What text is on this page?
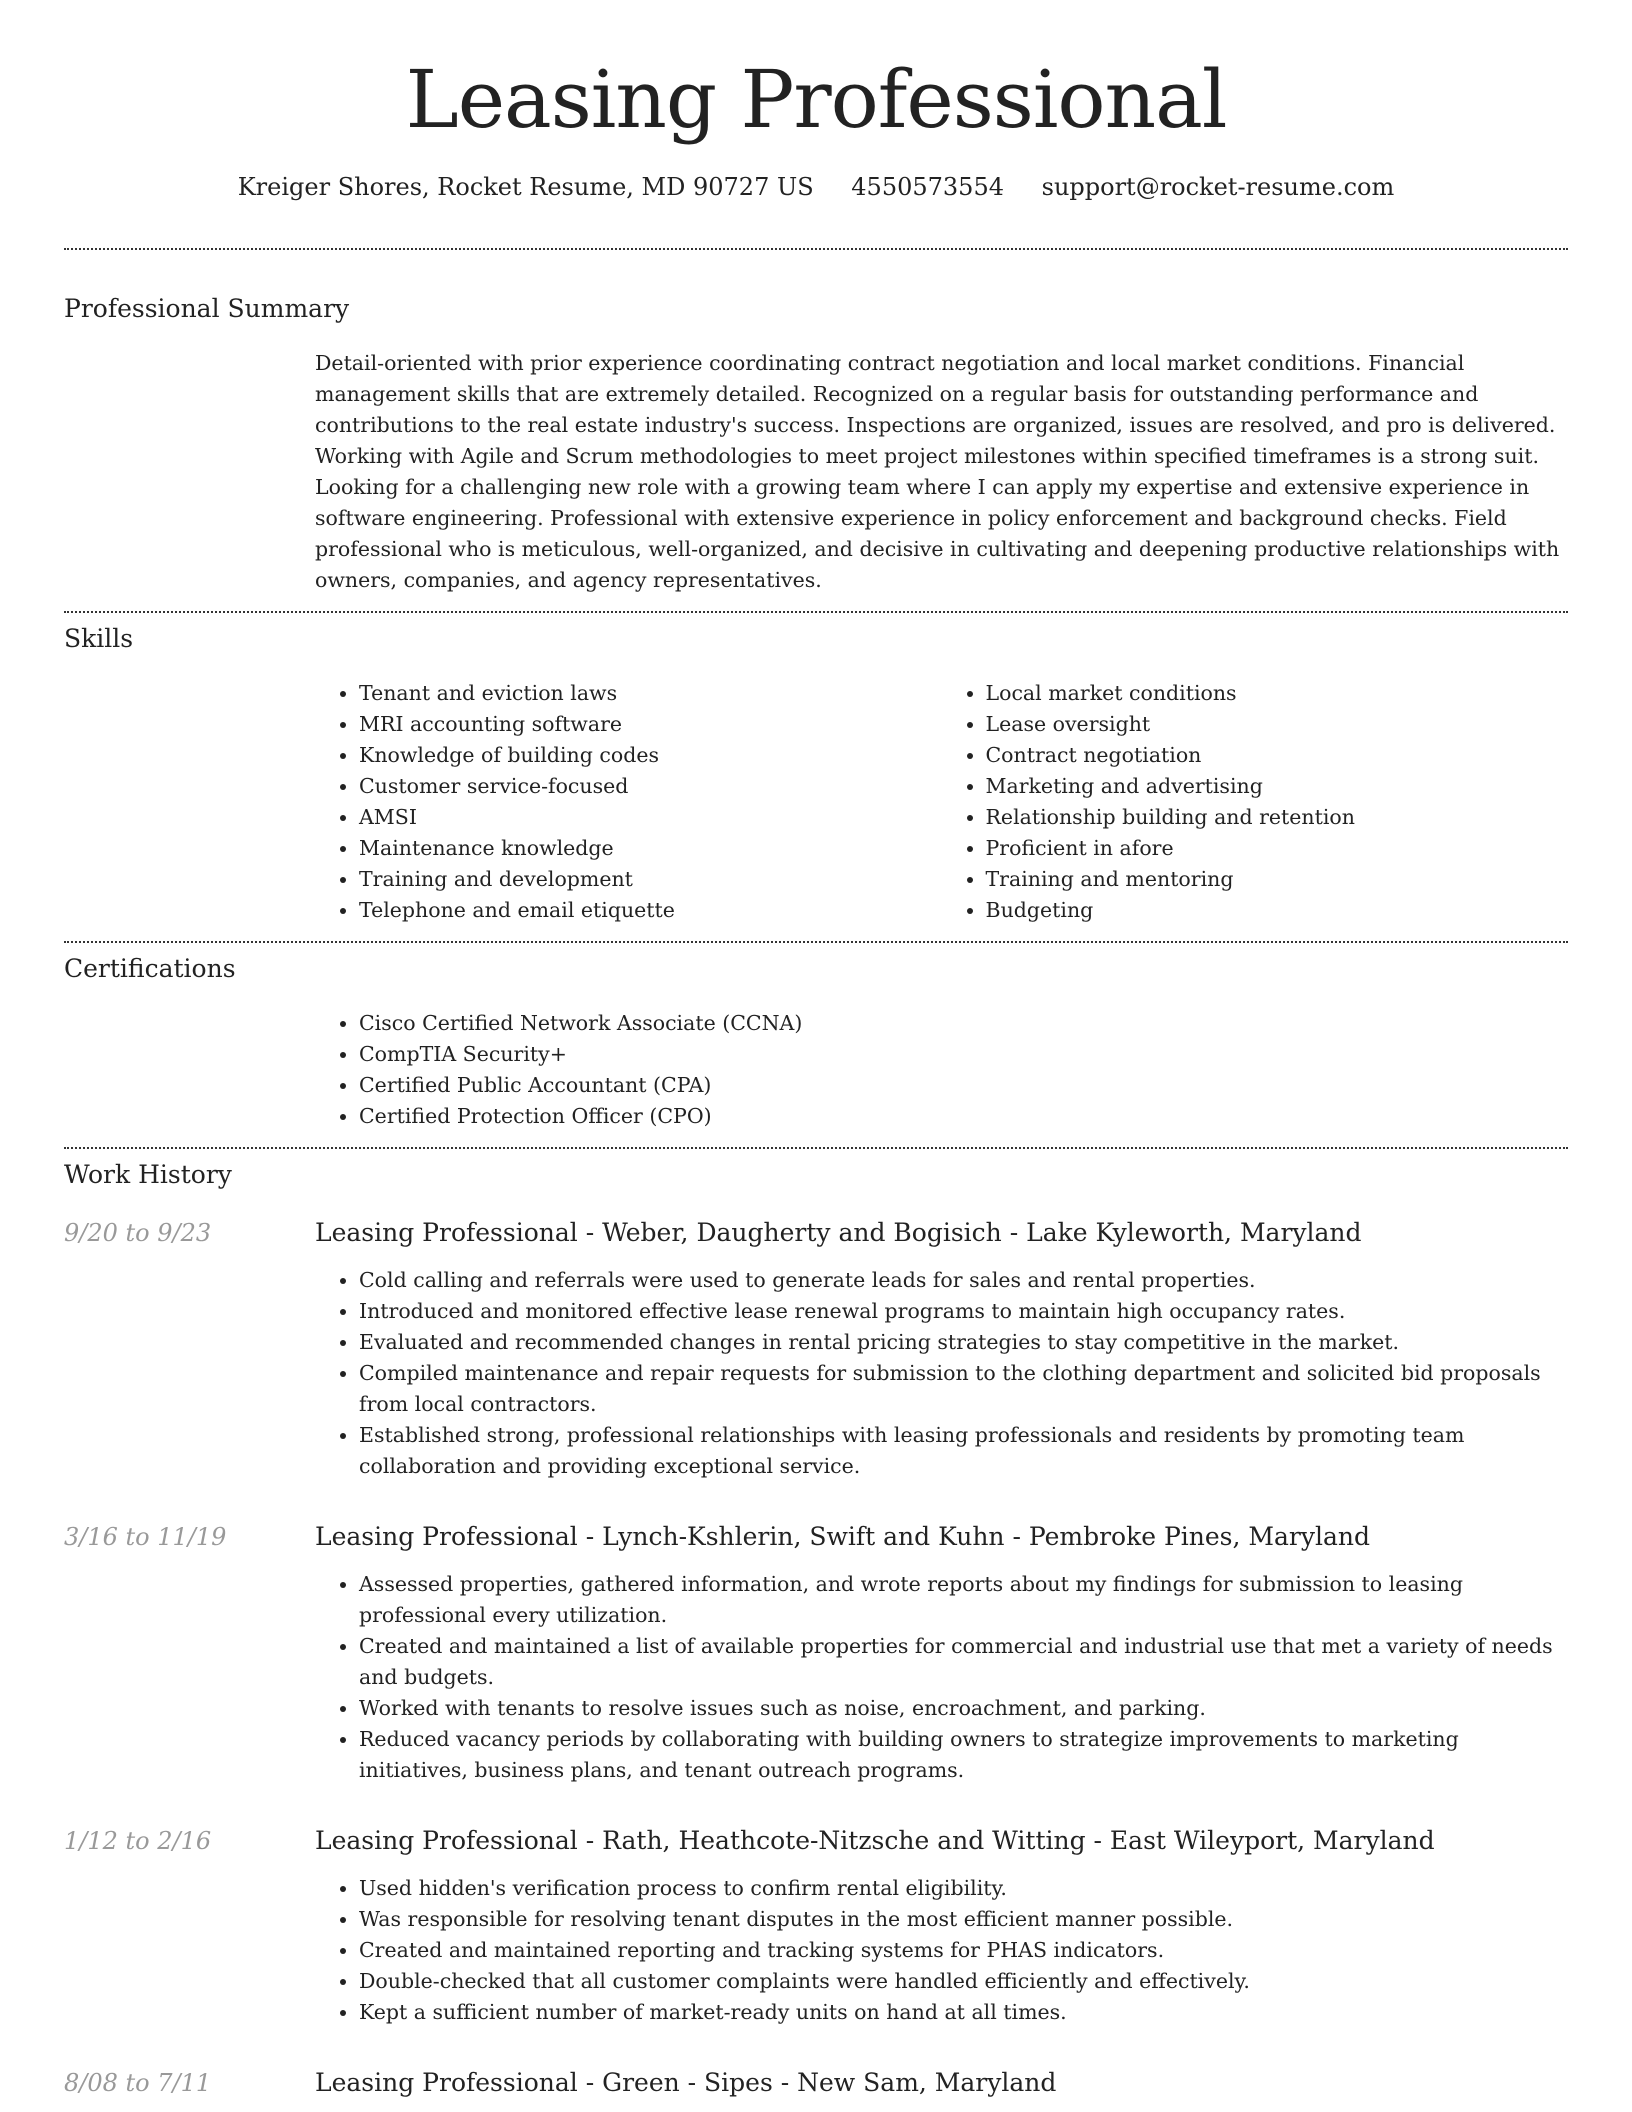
Leasing Professional
Kreiger Shores, Rocket Resume, MD 90727 US 4550573554 support@rocket-resume.com
Professional Summary

Detail-oriented with prior experience coordinating contract negotiation and local market conditions. Financial management skills that are extremely detailed. Recognized on a regular basis for outstanding performance and contributions to the real estate industry's success. Inspections are organized, issues are resolved, and pro is delivered. Working with Agile and Scrum methodologies to meet project milestones within specified timeframes is a strong suit. Looking for a challenging new role with a growing team where I can apply my expertise and extensive experience in software engineering. Professional with extensive experience in policy enforcement and background checks. Field professional who is meticulous, well-organized, and decisive in cultivating and deepening productive relationships with owners, companies, and agency representatives.

Skills
• Tenant and eviction laws
• MRI accounting software
• Knowledge of building codes
• Customer service-focused
• AMSI
• Maintenance knowledge
• Training and development
• Telephone and email etiquette
• Local market conditions
• Lease oversight
• Contract negotiation
• Marketing and advertising
• Relationship building and retention
• Proficient in afore
• Training and mentoring
• Budgeting
Certifications
• Cisco Certified Network Associate (CCNA)
• CompTIA Security+
• Certified Public Accountant (CPA)
• Certified Protection Officer (CPO)
Work History
9/20 to 9/23	Leasing Professional - Weber, Daugherty and Bogisich - Lake Kyleworth, Maryland
• Cold calling and referrals were used to generate leads for sales and rental properties.
• Introduced and monitored effective lease renewal programs to maintain high occupancy rates.
• Evaluated and recommended changes in rental pricing strategies to stay competitive in the market.
• Compiled maintenance and repair requests for submission to the clothing department and solicited bid proposals from local contractors.
• Established strong, professional relationships with leasing professionals and residents by promoting team collaboration and providing exceptional service.
3/16 to 11/19	Leasing Professional - Lynch-Kshlerin, Swift and Kuhn - Pembroke Pines, Maryland
• Assessed properties, gathered information, and wrote reports about my findings for submission to leasing professional every utilization.
• Created and maintained a list of available properties for commercial and industrial use that met a variety of needs and budgets.
• Worked with tenants to resolve issues such as noise, encroachment, and parking.
• Reduced vacancy periods by collaborating with building owners to strategize improvements to marketing initiatives, business plans, and tenant outreach programs.
1/12 to 2/16	Leasing Professional - Rath, Heathcote-Nitzsche and Witting - East Wileyport, Maryland
• Used hidden's verification process to confirm rental eligibility.
• Was responsible for resolving tenant disputes in the most efficient manner possible.
• Created and maintained reporting and tracking systems for PHAS indicators.
• Double-checked that all customer complaints were handled efficiently and effectively.
• Kept a sufficient number of market-ready units on hand at all times.
8/08 to 7/11	Leasing Professional - Green - Sipes - New Sam, Maryland
